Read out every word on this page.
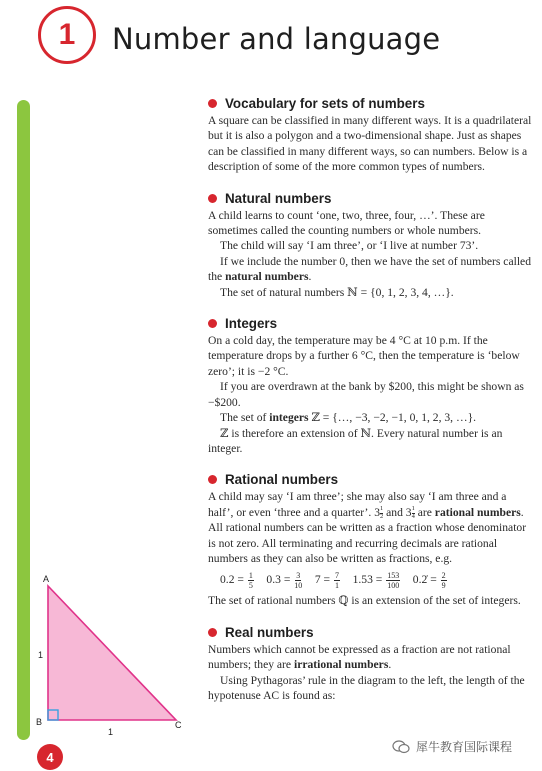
1 Number and language
A
B	C
1
1
4
Vocabulary for sets of numbers

A square can be classified in many different ways. It is a quadrilateral but it is also a polygon and a two-dimensional shape. Just as shapes can be classified in many different ways, so can numbers. Below is a description of some of the more common types of numbers.

Natural numbers

A child learns to count ‘one, two, three, four, …’. These are sometimes called the counting numbers or whole numbers.

The child will say ‘I am three’, or ‘I live at number 73’.

If we include the number 0, then we have the set of numbers called the natural numbers.

The set of natural numbers ℕ = {0, 1, 2, 3, 4, …}.

Integers

On a cold day, the temperature may be 4 °C at 10 p.m. If the temperature drops by a further 6 °C, then the temperature is ‘below zero’; it is −2 °C.

If you are overdrawn at the bank by $200, this might be shown as −$200.

The set of integers ℤ = {…, −3, −2, −1, 0, 1, 2, 3, …}.

ℤ is therefore an extension of ℕ. Every natural number is an integer.

Rational numbers

A child may say ‘I am three’; she may also say ‘I am three and a half’, or even ‘three and a quarter’. $3 \frac{1}{2}$ and $3 \frac{1}{4}$ are rational numbers. All rational numbers can be written as a fraction whose denominator is not zero. All terminating and recurring decimals are rational numbers as they can also be written as fractions, e.g.

$0.2 = \frac{1}{5} 0.3 = \frac{3}{10} 7 = \frac{7}{1} 1.53 = \frac{153}{100}$ 0.2̇ = $\frac{2}{9}$

The set of rational numbers ℚ is an extension of the set of integers.

Real numbers

Numbers which cannot be expressed as a fraction are not rational numbers; they are irrational numbers.

Using Pythagoras’ rule in the diagram to the left, the length of the hypotenuse AC is found as:

犀牛教育国际课程
